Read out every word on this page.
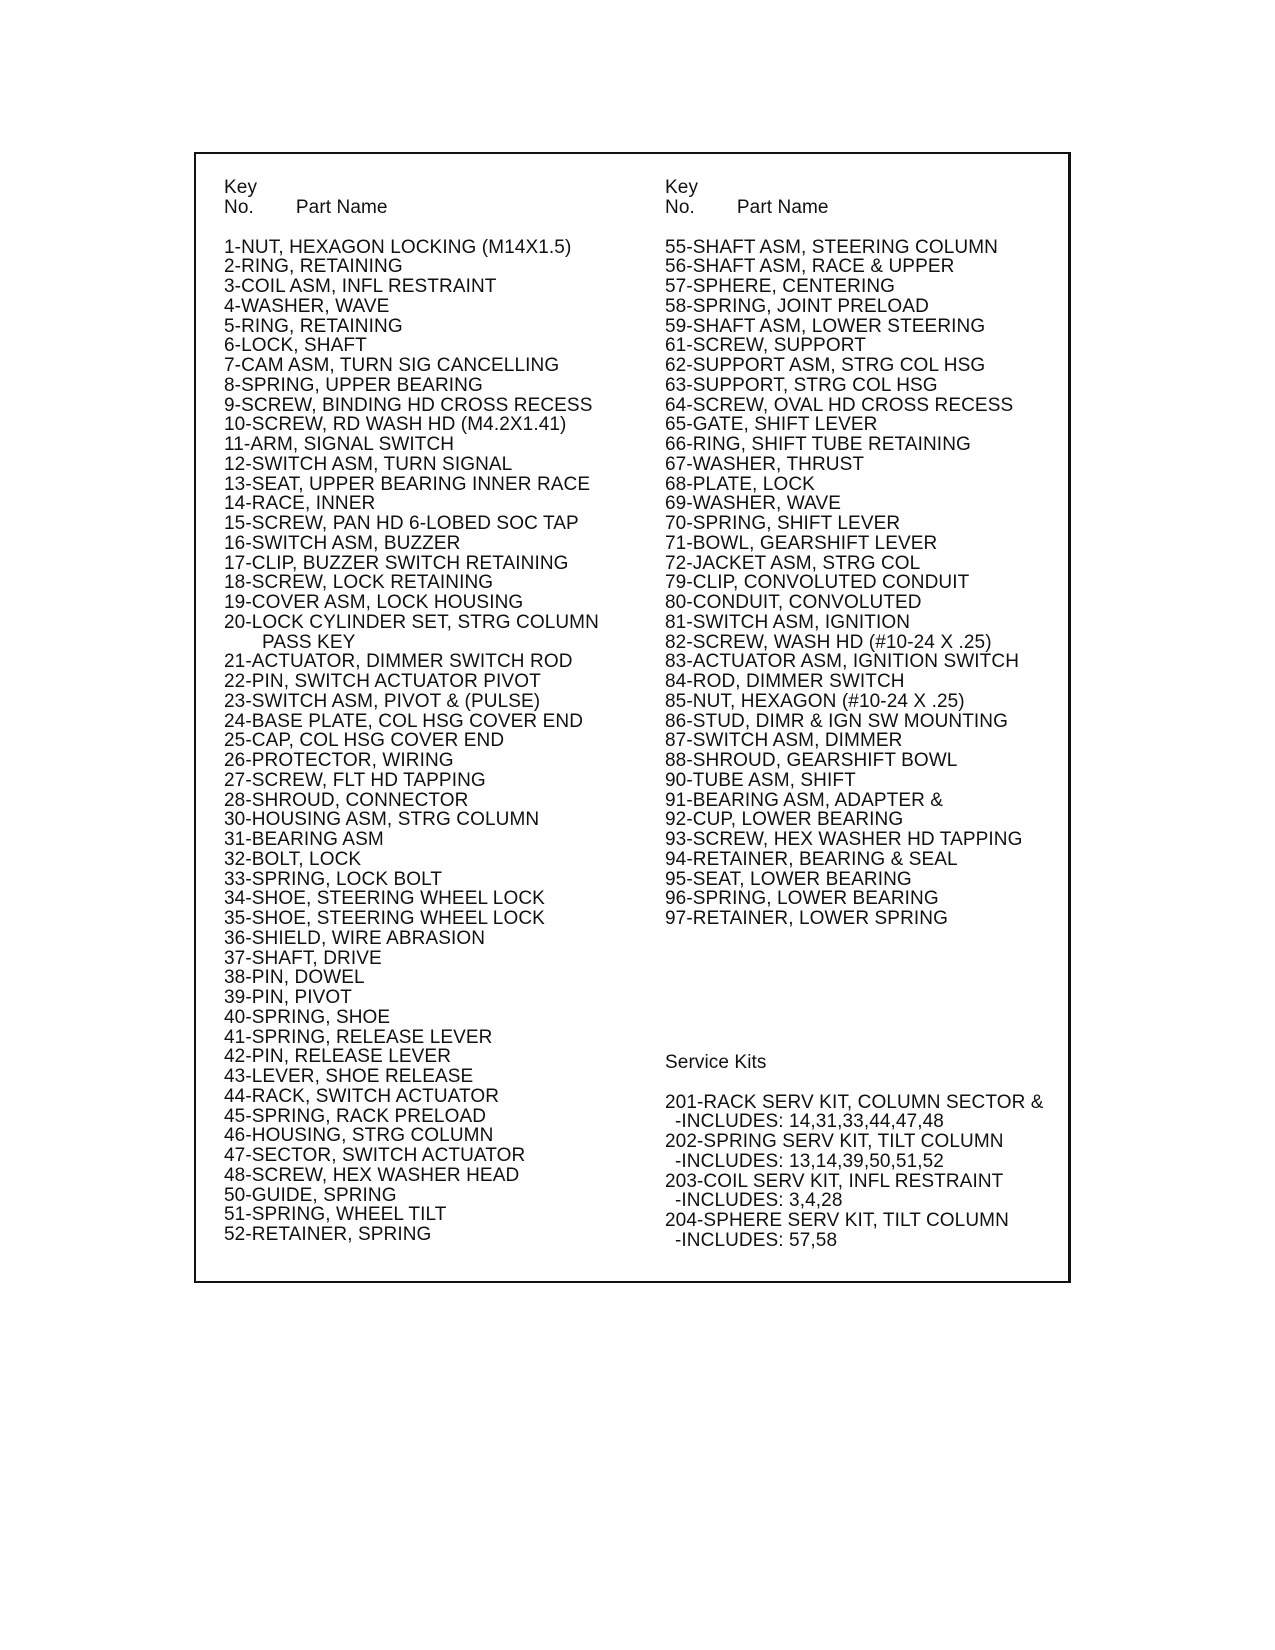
Key
No. Part Name
1-NUT, HEXAGON LOCKING (M14X1.5)
2-RING, RETAINING
3-COIL ASM, INFL RESTRAINT
4-WASHER, WAVE
5-RING, RETAINING
6-LOCK, SHAFT
7-CAM ASM, TURN SIG CANCELLING
8-SPRING, UPPER BEARING
9-SCREW, BINDING HD CROSS RECESS
10-SCREW, RD WASH HD (M4.2X1.41)
11-ARM, SIGNAL SWITCH
12-SWITCH ASM, TURN SIGNAL
13-SEAT, UPPER BEARING INNER RACE
14-RACE, INNER
15-SCREW, PAN HD 6-LOBED SOC TAP
16-SWITCH ASM, BUZZER
17-CLIP, BUZZER SWITCH RETAINING
18-SCREW, LOCK RETAINING
19-COVER ASM, LOCK HOUSING
20-LOCK CYLINDER SET, STRG COLUMN
PASS KEY
21-ACTUATOR, DIMMER SWITCH ROD
22-PIN, SWITCH ACTUATOR PIVOT
23-SWITCH ASM, PIVOT & (PULSE)
24-BASE PLATE, COL HSG COVER END
25-CAP, COL HSG COVER END
26-PROTECTOR, WIRING
27-SCREW, FLT HD TAPPING
28-SHROUD, CONNECTOR
30-HOUSING ASM, STRG COLUMN
31-BEARING ASM
32-BOLT, LOCK
33-SPRING, LOCK BOLT
34-SHOE, STEERING WHEEL LOCK
35-SHOE, STEERING WHEEL LOCK
36-SHIELD, WIRE ABRASION
37-SHAFT, DRIVE
38-PIN, DOWEL
39-PIN, PIVOT
40-SPRING, SHOE
41-SPRING, RELEASE LEVER
42-PIN, RELEASE LEVER
43-LEVER, SHOE RELEASE
44-RACK, SWITCH ACTUATOR
45-SPRING, RACK PRELOAD
46-HOUSING, STRG COLUMN
47-SECTOR, SWITCH ACTUATOR
48-SCREW, HEX WASHER HEAD
50-GUIDE, SPRING
51-SPRING, WHEEL TILT
52-RETAINER, SPRING
Key
No. Part Name
55-SHAFT ASM, STEERING COLUMN
56-SHAFT ASM, RACE & UPPER
57-SPHERE, CENTERING
58-SPRING, JOINT PRELOAD
59-SHAFT ASM, LOWER STEERING
61-SCREW, SUPPORT
62-SUPPORT ASM, STRG COL HSG
63-SUPPORT, STRG COL HSG
64-SCREW, OVAL HD CROSS RECESS
65-GATE, SHIFT LEVER
66-RING, SHIFT TUBE RETAINING
67-WASHER, THRUST
68-PLATE, LOCK
69-WASHER, WAVE
70-SPRING, SHIFT LEVER
71-BOWL, GEARSHIFT LEVER
72-JACKET ASM, STRG COL
79-CLIP, CONVOLUTED CONDUIT
80-CONDUIT, CONVOLUTED
81-SWITCH ASM, IGNITION
82-SCREW, WASH HD (#10-24 X .25)
83-ACTUATOR ASM, IGNITION SWITCH
84-ROD, DIMMER SWITCH
85-NUT, HEXAGON (#10-24 X .25)
86-STUD, DIMR & IGN SW MOUNTING
87-SWITCH ASM, DIMMER
88-SHROUD, GEARSHIFT BOWL
90-TUBE ASM, SHIFT
91-BEARING ASM, ADAPTER &
92-CUP, LOWER BEARING
93-SCREW, HEX WASHER HD TAPPING
94-RETAINER, BEARING & SEAL
95-SEAT, LOWER BEARING
96-SPRING, LOWER BEARING
97-RETAINER, LOWER SPRING
Service Kits
201-RACK SERV KIT, COLUMN SECTOR &
-INCLUDES: 14,31,33,44,47,48
202-SPRING SERV KIT, TILT COLUMN
-INCLUDES: 13,14,39,50,51,52
203-COIL SERV KIT, INFL RESTRAINT
-INCLUDES: 3,4,28
204-SPHERE SERV KIT, TILT COLUMN
-INCLUDES: 57,58
